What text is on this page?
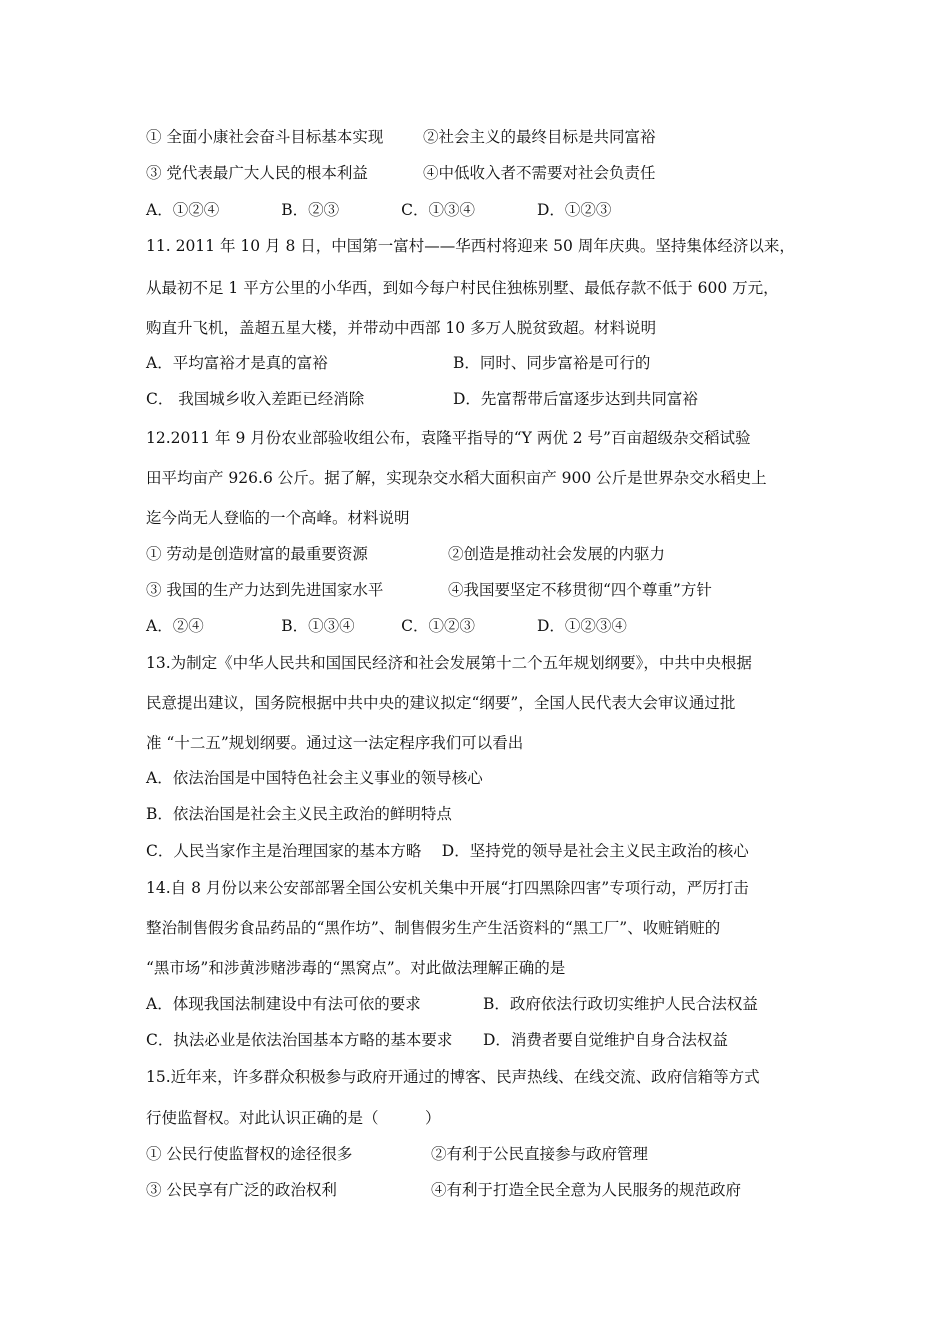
① 全面小康社会奋斗目标基本实现	②社会主义的最终目标是共同富裕
③ 党代表最广大人民的根本利益	④中低收入者不需要对社会负责任
A．①②④　　　　B．②③　　　　C．①③④　　　　D．①②③
11. 2011 年 10 月 8 日，中国第一富村——华西村将迎来 50 周年庆典。坚持集体经济以来，
从最初不足 1 平方公里的小华西，到如今每户村民住独栋别墅、最低存款不低于 600 万元，
购直升飞机，盖超五星大楼，并带动中西部 10 多万人脱贫致超。材料说明
A．平均富裕才是真的富裕	B．同时、同步富裕是可行的
C． 我国城乡收入差距已经消除	D．先富帮带后富逐步达到共同富裕
12.2011 年 9 月份农业部验收组公布，袁隆平指导的“Y 两优 2 号”百亩超级杂交稻试验
田平均亩产 926.6 公斤。据了解，实现杂交水稻大面积亩产 900 公斤是世界杂交水稻史上
迄今尚无人登临的一个高峰。材料说明
① 劳动是创造财富的最重要资源	②创造是推动社会发展的内驱力
③ 我国的生产力达到先进国家水平	④我国要坚定不移贯彻“四个尊重”方针
A．②④　　　　　B．①③④　　　C．①②③　　　　D．①②③④
13.为制定《中华人民共和国国民经济和社会发展第十二个五年规划纲要》，中共中央根据
民意提出建议，国务院根据中共中央的建议拟定“纲要”，全国人民代表大会审议通过批
准 “十二五”规划纲要。通过这一法定程序我们可以看出
A．依法治国是中国特色社会主义事业的领导核心
B．依法治国是社会主义民主政治的鲜明特点
C．人民当家作主是治理国家的基本方略　 D．坚持党的领导是社会主义民主政治的核心
14.自 8 月份以来公安部部署全国公安机关集中开展“打四黑除四害”专项行动，严厉打击
整治制售假劣食品药品的“黑作坊”、制售假劣生产生活资料的“黑工厂”、收赃销赃的
“黑市场”和涉黄涉赌涉毒的“黑窝点”。对此做法理解正确的是
A．体现我国法制建设中有法可依的要求	B．政府依法行政切实维护人民合法权益
C．执法必业是依法治国基本方略的基本要求 D．消费者要自觉维护自身合法权益
15.近年来，许多群众积极参与政府开通过的博客、民声热线、在线交流、政府信箱等方式
行使监督权。对此认识正确的是（　　　）
① 公民行使监督权的途径很多	②有利于公民直接参与政府管理
③ 公民享有广泛的政治权利	④有利于打造全民全意为人民服务的规范政府
